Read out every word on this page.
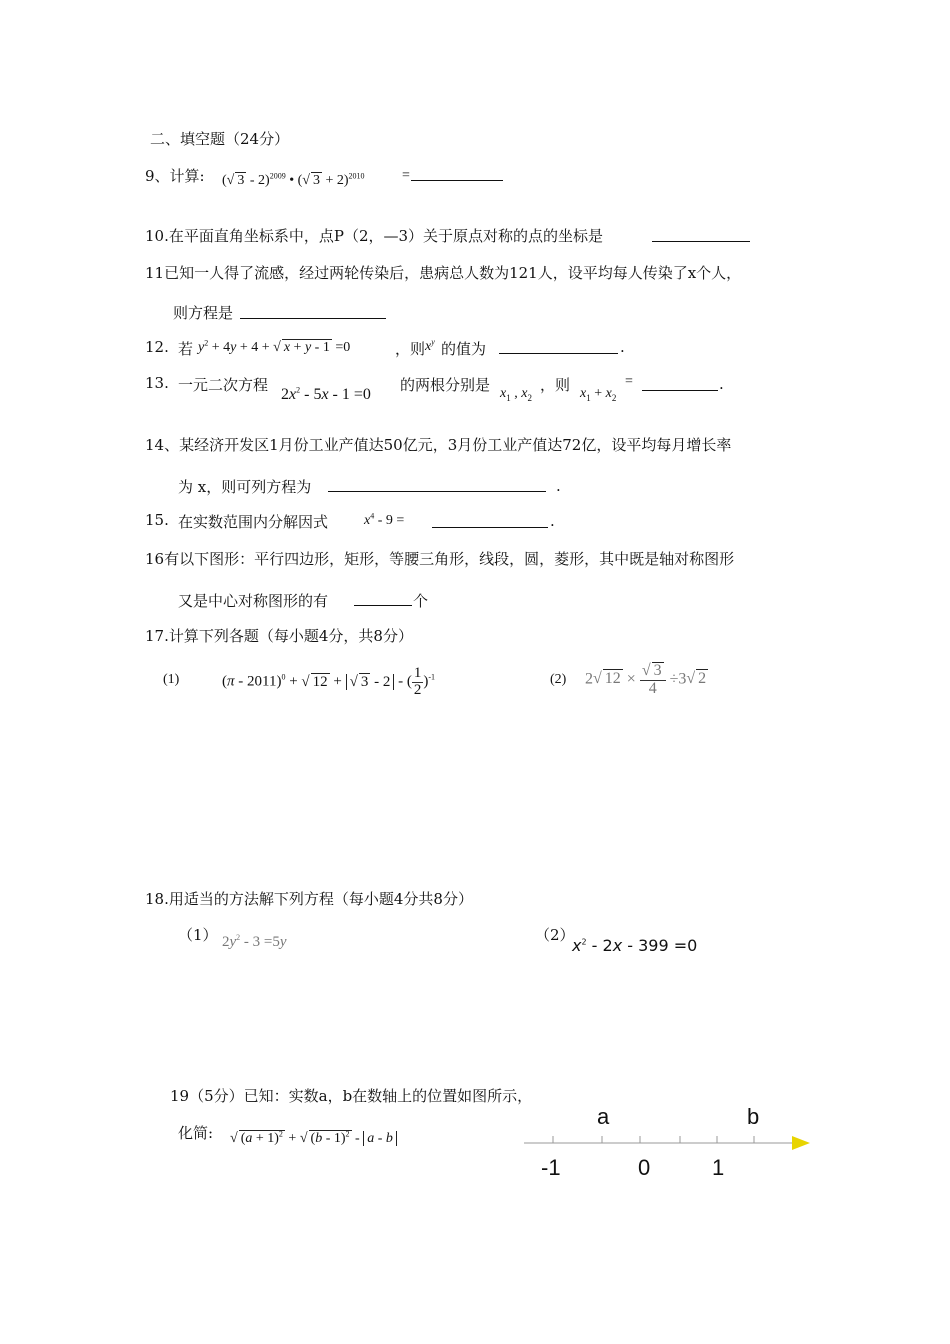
二、填空题（24分）
9、计算: (√ 3 - 2)$^{2009}$ • (√ 3 + 2)$^{2010}$	=
10.在平面直角坐标系中，点P（2，—3）关于原点对称的点的坐标是
11已知一人得了流感，经过两轮传染后，患病总人数为121人，设平均每人传染了x个人，
则方程是
12. 若 $y^2 + 4y + 4$ + √ x + y - 1 =0	，则 $x^y$ 的值为	.
13. 一元二次方程
$2x^2 - 5x - 1 =0$
的两根分别是 $x_1$ , $x_2$
，则 $x_1 + x_2$
=	.
14、某经济开发区1月份工业产值达50亿元，3月份工业产值达72亿，设平均每月增长率
为 x，则可列方程为	.
15. 在实数范围内分解因式	$x^4 - 9$ =	.
16有以下图形：平行四边形，矩形，等腰三角形，线段，圆，菱形，其中既是轴对称图形
又是中心对称图形的有	个
17.计算下列各题（每小题4分，共8分）
(1)	(π - 2011)$^0$ + √ 12 + √ 3 - 2 - ( $\frac{1}{2} )^{-1}$	(2) 2√ $12 \times \frac{√ 3}{4} \div 3√$ 2
18.用适当的方法解下列方程（每小题4分共8分）
（1） $2y^2 - 3 =5y$	（2）
$x^2 - 2x - 399 =0$
19（5分）已知：实数a，b在数轴上的位置如图所示，
化简: √ $(a + 1)^2$ + √ (b - 1)$^2$ - a - b
a	b
-1	0	1
